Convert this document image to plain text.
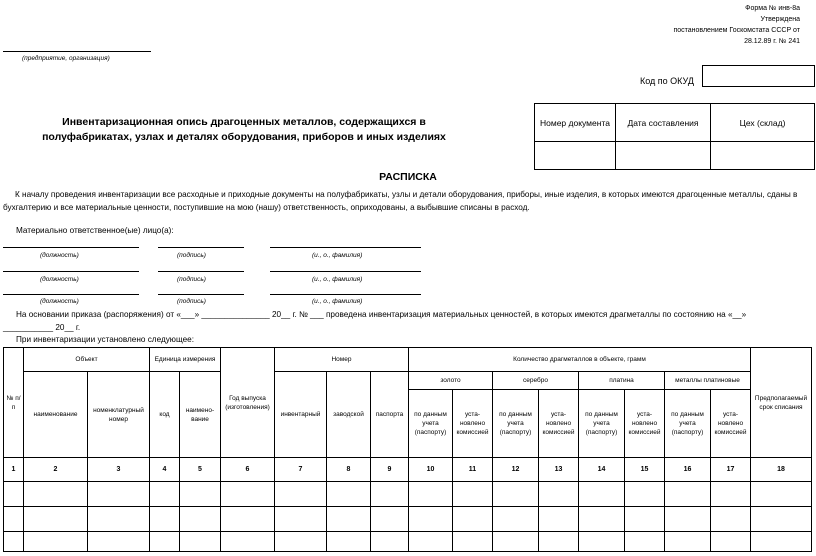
Форма № инв-8а
Утверждена
постановлением Госкомстата СССР от
28.12.89 г. № 241
(предприятие, организация)
Код по ОКУД
Номер документа	Дата составления	Цех (склад)

Инвентаризационная опись драгоценных металлов, содержащихся в полуфабрикатах, узлах и деталях оборудования, приборов и иных изделиях
РАСПИСКА
К началу проведения инвентаризации все расходные и приходные документы на полуфабрикаты, узлы и детали оборудования, приборы, иные изделия, в которых имеются драгоценные металлы, сданы в бухгалтерию и все материальные ценности, поступившие на мою (нашу) ответственность, оприходованы, а выбывшие списаны в расход.
Материально ответственное(ые) лицо(а):
(должность)	(подпись)	(и., о., фамилия)
(должность)	(подпись)	(и., о., фамилия)
(должность)	(подпись)	(и., о., фамилия)
На основании приказа (распоряжения) от «___» _______________ 20__ г. № ___ проведена инвентаризация материальных ценностей, в которых имеются драгметаллы по состоянию на «__»
___________ 20__ г.
При инвентаризации установлено следующее:
№ п/п	Объект		Единица измерения		Год выпуска (изготовления)	Номер			Количество драгметаллов в объекте, грамм								Предполагаемый срок списания
	наименование	номенклатурный номер	код	наимено-вание		инвентарный	заводской	паспорта	золото		серебро		платина		металлы платиновые		
									по данным учета (паспорту)	уста-новлено комиссией	по данным учета (паспорту)	уста-новлено комиссией	по данным учета (паспорту)	уста-новлено комиссией	по данным учета (паспорту)	уста-новлено комиссией	
1	2	3	4	5	6	7	8	9	10	11	12	13	14	15	16	17	18
